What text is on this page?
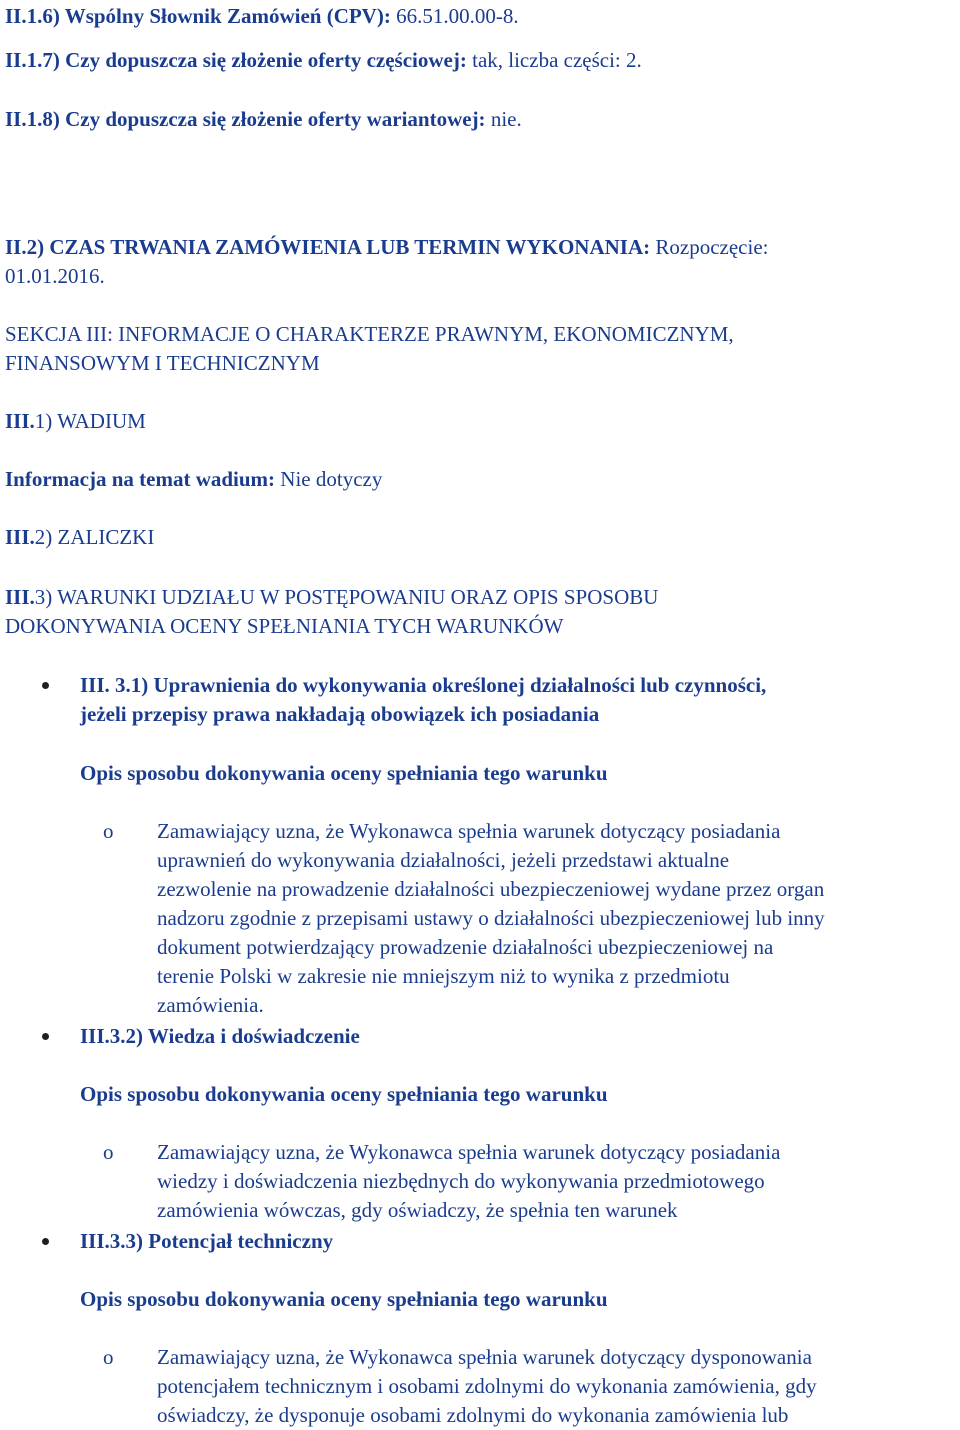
II.1.6) Wspólny Słownik Zamówień (CPV): 66.51.00.00-8.
II.1.7) Czy dopuszcza się złożenie oferty częściowej: tak, liczba części: 2.
II.1.8) Czy dopuszcza się złożenie oferty wariantowej: nie.
II.2) CZAS TRWANIA ZAMÓWIENIA LUB TERMIN WYKONANIA: Rozpoczęcie:
01.01.2016.
SEKCJA III: INFORMACJE O CHARAKTERZE PRAWNYM, EKONOMICZNYM,
FINANSOWYM I TECHNICZNYM
III.1) WADIUM
Informacja na temat wadium: Nie dotyczy
III.2) ZALICZKI
III.3) WARUNKI UDZIAŁU W POSTĘPOWANIU ORAZ OPIS SPOSOBU
DOKONYWANIA OCENY SPEŁNIANIA TYCH WARUNKÓW
III. 3.1) Uprawnienia do wykonywania określonej działalności lub czynności,
jeżeli przepisy prawa nakładają obowiązek ich posiadania
Opis sposobu dokonywania oceny spełniania tego warunku
o Zamawiający uzna, że Wykonawca spełnia warunek dotyczący posiadania
uprawnień do wykonywania działalności, jeżeli przedstawi aktualne
zezwolenie na prowadzenie działalności ubezpieczeniowej wydane przez organ
nadzoru zgodnie z przepisami ustawy o działalności ubezpieczeniowej lub inny
dokument potwierdzający prowadzenie działalności ubezpieczeniowej na
terenie Polski w zakresie nie mniejszym niż to wynika z przedmiotu
zamówienia.
III.3.2) Wiedza i doświadczenie
Opis sposobu dokonywania oceny spełniania tego warunku
o Zamawiający uzna, że Wykonawca spełnia warunek dotyczący posiadania
wiedzy i doświadczenia niezbędnych do wykonywania przedmiotowego
zamówienia wówczas, gdy oświadczy, że spełnia ten warunek
III.3.3) Potencjał techniczny
Opis sposobu dokonywania oceny spełniania tego warunku
o Zamawiający uzna, że Wykonawca spełnia warunek dotyczący dysponowania
potencjałem technicznym i osobami zdolnymi do wykonania zamówienia, gdy
oświadczy, że dysponuje osobami zdolnymi do wykonania zamówienia lub
